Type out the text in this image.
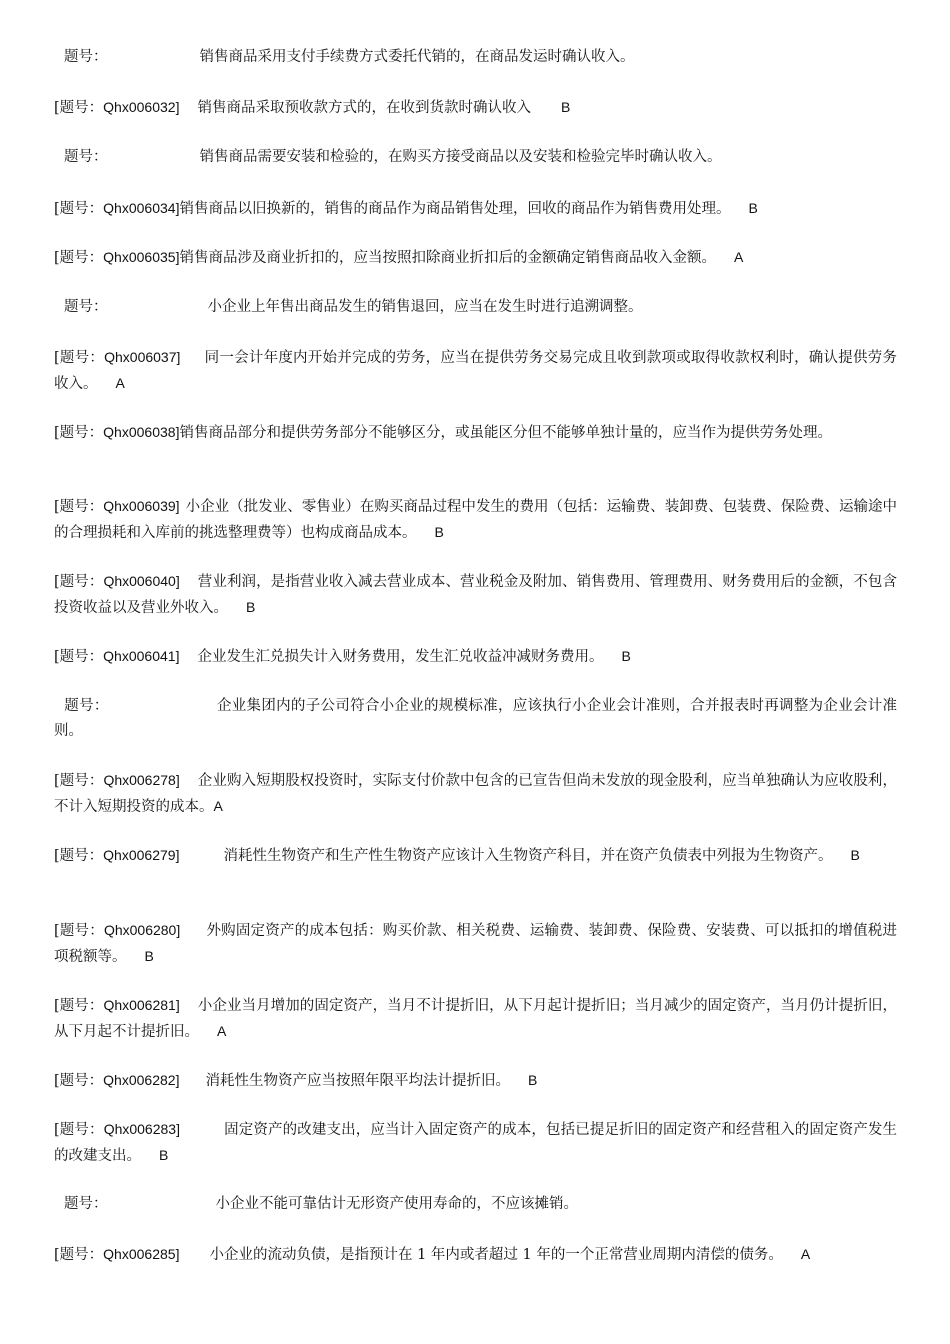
题号：	销售商品采用支付手续费方式委托代销的，在商品发运时确认收入。
[题号：Qhx006032] 销售商品采取预收款方式的，在收到货款时确认收入 B
题号：	销售商品需要安装和检验的，在购买方接受商品以及安装和检验完毕时确认收入。
[题号：Qhx006034]销售商品以旧换新的，销售的商品作为商品销售处理，回收的商品作为销售费用处理。 B
[题号：Qhx006035]销售商品涉及商业折扣的，应当按照扣除商业折扣后的金额确定销售商品收入金额。 A
题号：	小企业上年售出商品发生的销售退回，应当在发生时进行追溯调整。
[题号：Qhx006037] 同一会计年度内开始并完成的劳务，应当在提供劳务交易完成且收到款项或取得收款权利时，确认提供劳务收入。 A
[题号：Qhx006038]销售商品部分和提供劳务部分不能够区分，或虽能区分但不能够单独计量的，应当作为提供劳务处理。
[题号：Qhx006039] 小企业（批发业、零售业）在购买商品过程中发生的费用（包括：运输费、装卸费、包装费、保险费、运输途中的合理损耗和入库前的挑选整理费等）也构成商品成本。 B
[题号：Qhx006040] 营业利润，是指营业收入减去营业成本、营业税金及附加、销售费用、管理费用、财务费用后的金额，不包含投资收益以及营业外收入。 B
[题号：Qhx006041] 企业发生汇兑损失计入财务费用，发生汇兑收益冲减财务费用。 B
题号：	企业集团内的子公司符合小企业的规模标准，应该执行小企业会计准则，合并报表时再调整为企业会计准则。
[题号：Qhx006278] 企业购入短期股权投资时，实际支付价款中包含的已宣告但尚未发放的现金股利，应当单独确认为应收股利，不计入短期投资的成本。A
[题号：Qhx006279]	消耗性生物资产和生产性生物资产应该计入生物资产科目，并在资产负债表中列报为生物资产。 B
[题号：Qhx006280] 外购固定资产的成本包括：购买价款、相关税费、运输费、装卸费、保险费、安装费、可以抵扣的增值税进项税额等。 B
[题号：Qhx006281] 小企业当月增加的固定资产，当月不计提折旧，从下月起计提折旧；当月减少的固定资产，当月仍计提折旧，从下月起不计提折旧。 A
[题号：Qhx006282] 消耗性生物资产应当按照年限平均法计提折旧。 B
[题号：Qhx006283]	固定资产的改建支出，应当计入固定资产的成本，包括已提足折旧的固定资产和经营租入的固定资产发生的改建支出。 B
题号：	小企业不能可靠估计无形资产使用寿命的，不应该摊销。
[题号：Qhx006285] 小企业的流动负债，是指预计在 1 年内或者超过 1 年的一个正常营业周期内清偿的债务。 A
